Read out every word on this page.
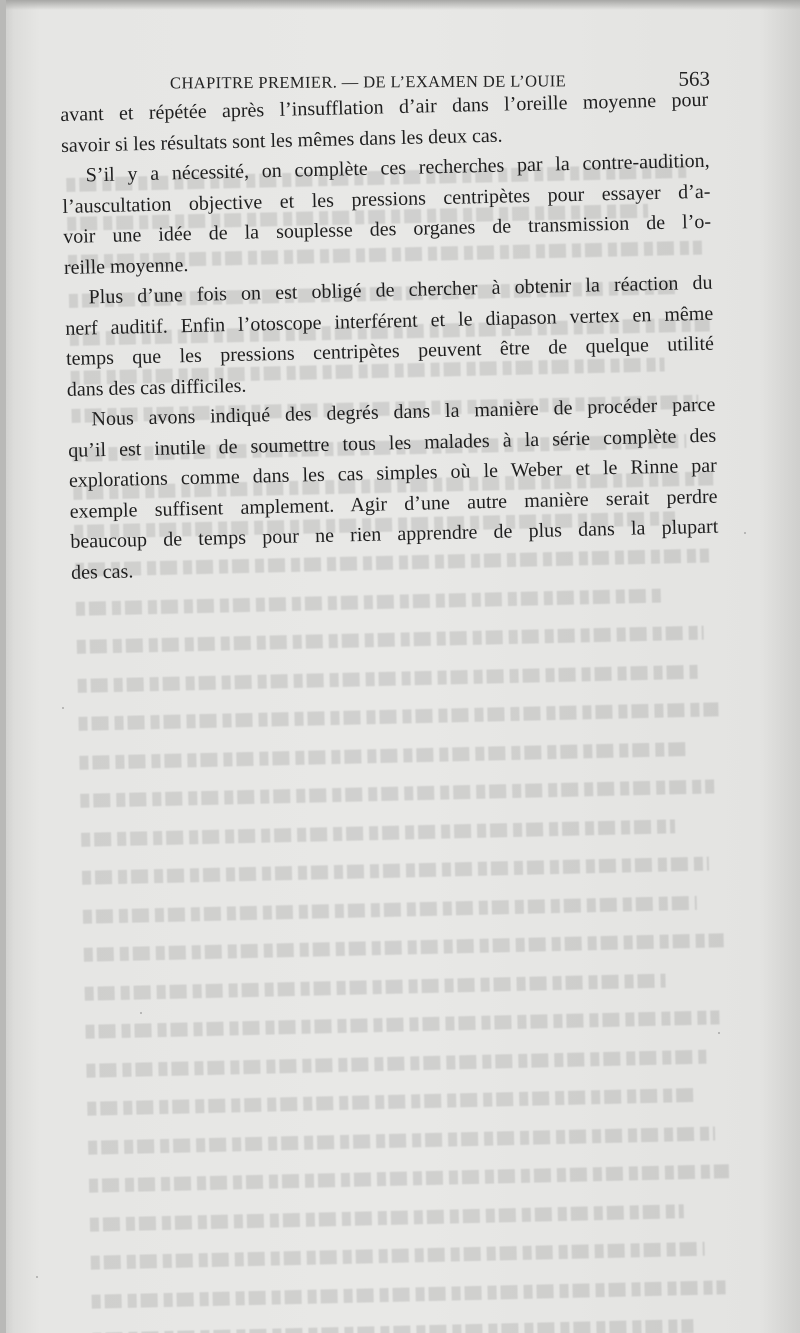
CHAPITRE PREMIER. — DE L’EXAMEN DE L’OUIE	563
avant et répétée après l’insufflation d’air dans l’oreille moyenne pour
savoir si les résultats sont les mêmes dans les deux cas.
S’il y a nécessité, on complète ces recherches par la contre-audition,
l’auscultation objective et les pressions centripètes pour essayer d’a-
voir une idée de la souplesse des organes de transmission de l’o-
reille moyenne.
Plus d’une fois on est obligé de chercher à obtenir la réaction du
nerf auditif. Enfin l’otoscope interférent et le diapason vertex en même
temps que les pressions centripètes peuvent être de quelque utilité
dans des cas difficiles.
Nous avons indiqué des degrés dans la manière de procéder parce
qu’il est inutile de soumettre tous les malades à la série complète des
explorations comme dans les cas simples où le Weber et le Rinne par
exemple suffisent amplement. Agir d’une autre manière serait perdre
beaucoup de temps pour ne rien apprendre de plus dans la plupart
des cas.
